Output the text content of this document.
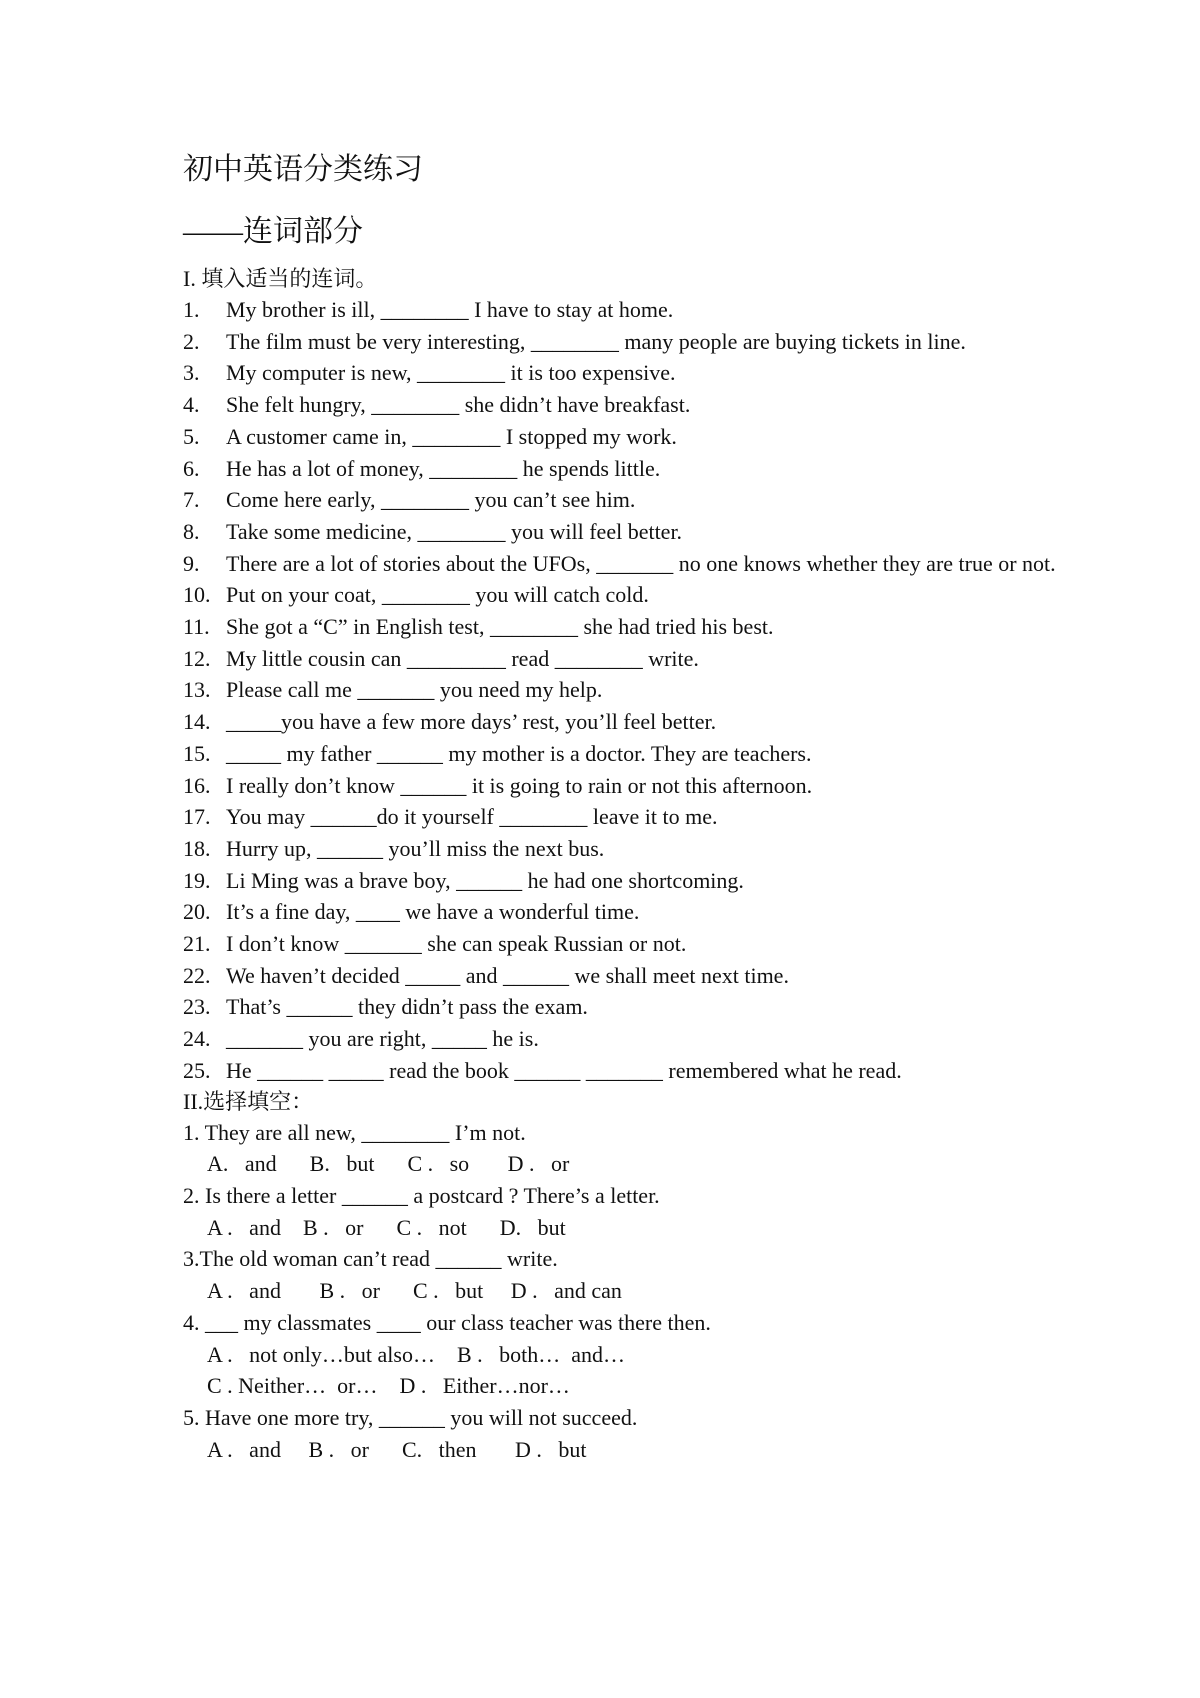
初中英语分类练习
——连词部分
I. 填入适当的连词。
1.	My brother is ill, ________ I have to stay at home.
2.	The film must be very interesting, ________ many people are buying tickets in line.
3.	My computer is new, ________ it is too expensive.
4.	She felt hungry, ________ she didn’t have breakfast.
5.	A customer came in, ________ I stopped my work.
6.	He has a lot of money, ________ he spends little.
7.	Come here early, ________ you can’t see him.
8.	Take some medicine, ________ you will feel better.
9.	There are a lot of stories about the UFOs, _______ no one knows whether they are true or not.
10. Put on your coat, ________ you will catch cold.
11. She got a “C” in English test, ________ she had tried his best.
12. My little cousin can _________ read ________ write.
13. Please call me _______ you need my help.
14. _____you have a few more days’ rest, you’ll feel better.
15. _____ my father ______ my mother is a doctor. They are teachers.
16. I really don’t know ______ it is going to rain or not this afternoon.
17. You may ______do it yourself ________ leave it to me.
18. Hurry up, ______ you’ll miss the next bus.
19. Li Ming was a brave boy, ______ he had one shortcoming.
20. It’s a fine day, ____ we have a wonderful time.
21. I don’t know _______ she can speak Russian or not.
22. We haven’t decided _____ and ______ we shall meet next time.
23. That’s ______ they didn’t pass the exam.
24. _______ you are right, _____ he is.
25. He ______ _____ read the book ______ _______ remembered what he read.
II.选择填空：
1. They are all new, ________ I’m not.
A.   and      B.   but      C .   so       D .   or
2. Is there a letter ______ a postcard ? There’s a letter.
A .   and    B .   or      C .   not      D.   but
3.The old woman can’t read ______ write.
A .   and       B .   or      C .   but     D .   and can
4. ___ my classmates ____ our class teacher was there then.
A .   not only…but also…    B .   both…  and…
C . Neither…  or…    D .   Either…nor…
5. Have one more try, ______ you will not succeed.
A .   and     B .   or      C.   then       D .   but
